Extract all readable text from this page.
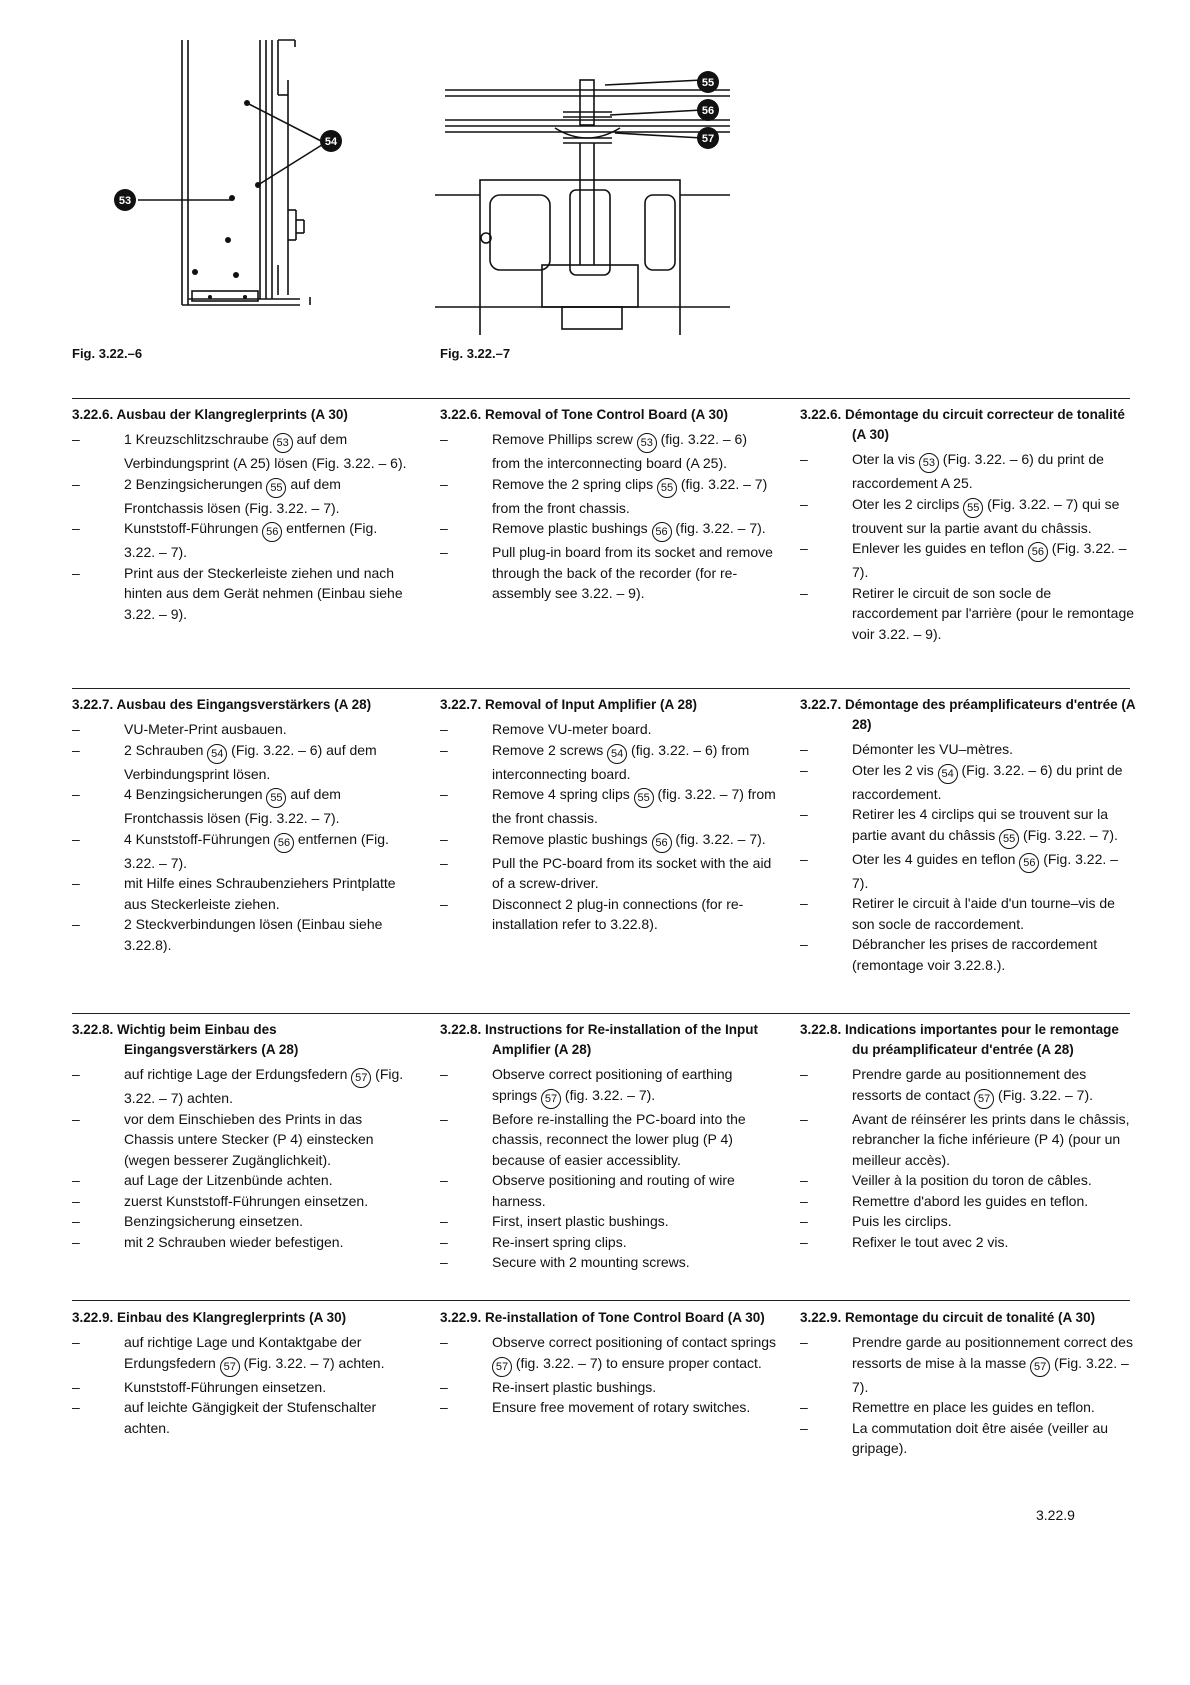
53
54
Fig. 3.22.–6
55
56
57
Fig. 3.22.–7

3.22.6. Ausbau der Klangreglerprints (A 30)

–	1 Kreuzschlitzschraube 53 auf dem Verbindungsprint (A 25) lösen (Fig. 3.22. – 6).

–	2 Benzingsicherungen 55 auf dem Frontchassis lösen (Fig. 3.22. – 7).

–	Kunststoff-Führungen 56 entfernen (Fig. 3.22. – 7).

–	Print aus der Steckerleiste ziehen und nach hinten aus dem Gerät nehmen (Einbau siehe 3.22. – 9).

3.22.6. Removal of Tone Control Board (A 30)

–	Remove Phillips screw 53 (fig. 3.22. – 6) from the interconnecting board (A 25).

–	Remove the 2 spring clips 55 (fig. 3.22. – 7) from the front chassis.

–	Remove plastic bushings 56 (fig. 3.22. – 7).

–	Pull plug-in board from its socket and remove through the back of the recorder (for re-assembly see 3.22. – 9).

3.22.6. Démontage du circuit correcteur de tonalité (A 30)

–	Oter la vis 53 (Fig. 3.22. – 6) du print de raccordement A 25.

–	Oter les 2 circlips 55 (Fig. 3.22. – 7) qui se trouvent sur la partie avant du châssis.

–	Enlever les guides en teflon 56 (Fig. 3.22. – 7).

–	Retirer le circuit de son socle de raccordement par l'arrière (pour le remontage voir 3.22. – 9).

3.22.7. Ausbau des Eingangsverstärkers (A 28)

–	VU-Meter-Print ausbauen.

–	2 Schrauben 54 (Fig. 3.22. – 6) auf dem Verbindungsprint lösen.

–	4 Benzingsicherungen 55 auf dem Frontchassis lösen (Fig. 3.22. – 7).

–	4 Kunststoff-Führungen 56 entfernen (Fig. 3.22. – 7).

–	mit Hilfe eines Schraubenziehers Printplatte aus Steckerleiste ziehen.

–	2 Steckverbindungen lösen (Einbau siehe 3.22.8).

3.22.7. Removal of Input Amplifier (A 28)

–	Remove VU-meter board.

–	Remove 2 screws 54 (fig. 3.22. – 6) from interconnecting board.

–	Remove 4 spring clips 55 (fig. 3.22. – 7) from the front chassis.

–	Remove plastic bushings 56 (fig. 3.22. – 7).

–	Pull the PC-board from its socket with the aid of a screw-driver.

–	Disconnect 2 plug-in connections (for re-installation refer to 3.22.8).

3.22.7. Démontage des préamplificateurs d'entrée (A 28)

–	Démonter les VU–mètres.

–	Oter les 2 vis 54 (Fig. 3.22. – 6) du print de raccordement.

–	Retirer les 4 circlips qui se trouvent sur la partie avant du châssis 55 (Fig. 3.22. – 7).

–	Oter les 4 guides en teflon 56 (Fig. 3.22. – 7).

–	Retirer le circuit à l'aide d'un tourne–vis de son socle de raccordement.

–	Débrancher les prises de raccordement (remontage voir 3.22.8.).

3.22.8. Wichtig beim Einbau des Eingangsverstärkers (A 28)

–	auf richtige Lage der Erdungsfedern 57 (Fig. 3.22. – 7) achten.

–	vor dem Einschieben des Prints in das Chassis untere Stecker (P 4) einstecken (wegen besserer Zugänglichkeit).

–	auf Lage der Litzenbünde achten.

–	zuerst Kunststoff-Führungen einsetzen.

–	Benzingsicherung einsetzen.

–	mit 2 Schrauben wieder befestigen.

3.22.8. Instructions for Re-installation of the Input Amplifier (A 28)

–	Observe correct positioning of earthing springs 57 (fig. 3.22. – 7).

–	Before re-installing the PC-board into the chassis, reconnect the lower plug (P 4) because of easier accessiblity.

–	Observe positioning and routing of wire harness.

–	First, insert plastic bushings.

–	Re-insert spring clips.

–	Secure with 2 mounting screws.

3.22.8. Indications importantes pour le remontage du préamplificateur d'entrée (A 28)

–	Prendre garde au positionnement des ressorts de contact 57 (Fig. 3.22. – 7).

–	Avant de réinsérer les prints dans le châssis, rebrancher la fiche inférieure (P 4) (pour un meilleur accès).

–	Veiller à la position du toron de câbles.

–	Remettre d'abord les guides en teflon.

–	Puis les circlips.

–	Refixer le tout avec 2 vis.

3.22.9. Einbau des Klangreglerprints (A 30)

–	auf richtige Lage und Kontaktgabe der Erdungsfedern 57 (Fig. 3.22. – 7) achten.

–	Kunststoff-Führungen einsetzen.

–	auf leichte Gängigkeit der Stufenschalter achten.

3.22.9. Re-installation of Tone Control Board (A 30)

–	Observe correct positioning of contact springs 57 (fig. 3.22. – 7) to ensure proper contact.

–	Re-insert plastic bushings.

–	Ensure free movement of rotary switches.

3.22.9. Remontage du circuit de tonalité (A 30)

–	Prendre garde au positionnement correct des ressorts de mise à la masse 57 (Fig. 3.22. – 7).

–	Remettre en place les guides en teflon.

–	La commutation doit être aisée (veiller au gripage).

3.22.9
